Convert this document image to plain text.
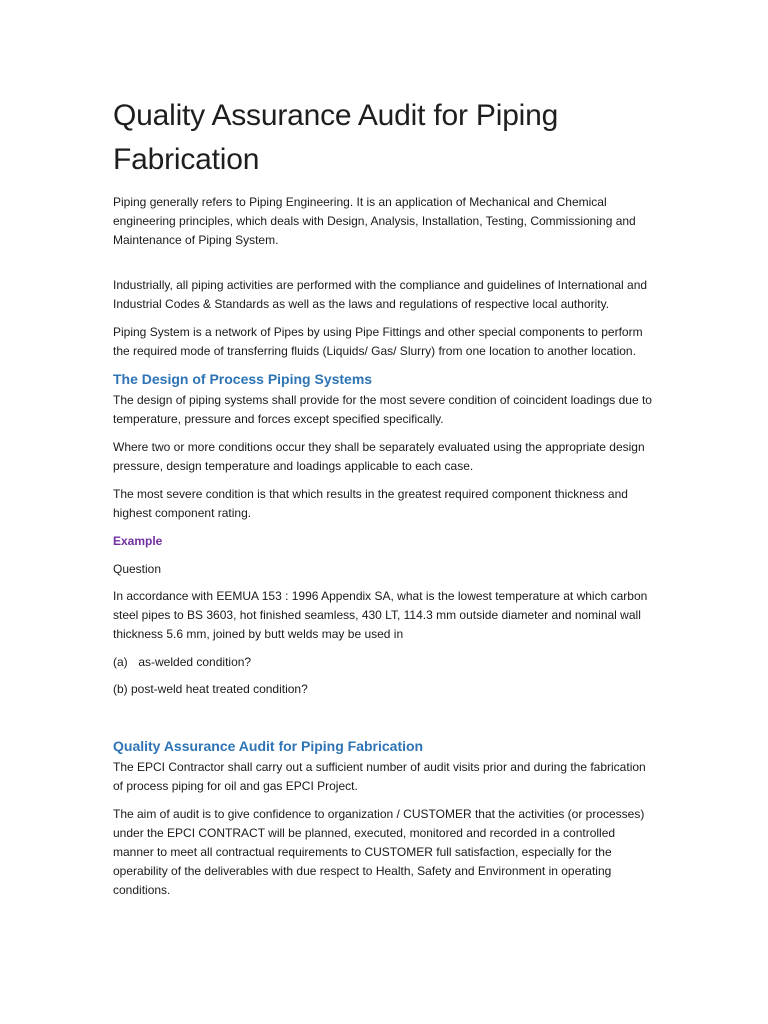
Quality Assurance Audit for Piping Fabrication

Piping generally refers to Piping Engineering. It is an application of Mechanical and Chemical engineering principles, which deals with Design, Analysis, Installation, Testing, Commissioning and Maintenance of Piping System.

Industrially, all piping activities are performed with the compliance and guidelines of International and Industrial Codes & Standards as well as the laws and regulations of respective local authority.

Piping System is a network of Pipes by using Pipe Fittings and other special components to perform the required mode of transferring fluids (Liquids/ Gas/ Slurry) from one location to another location.

The Design of Process Piping Systems

The design of piping systems shall provide for the most severe condition of coincident loadings due to temperature, pressure and forces except specified specifically.

Where two or more conditions occur they shall be separately evaluated using the appropriate design pressure, design temperature and loadings applicable to each case.

The most severe condition is that which results in the greatest required component thickness and highest component rating.

Example
Question

In accordance with EEMUA 153 : 1996 Appendix SA, what is the lowest temperature at which carbon steel pipes to BS 3603, hot finished seamless, 430 LT, 114.3 mm outside diameter and nominal wall thickness 5.6 mm, joined by butt welds may be used in

(a) as-welded condition?
(b) post-weld heat treated condition?
Quality Assurance Audit for Piping Fabrication

The EPCI Contractor shall carry out a sufficient number of audit visits prior and during the fabrication of process piping for oil and gas EPCI Project.

The aim of audit is to give confidence to organization / CUSTOMER that the activities (or processes) under the EPCI CONTRACT will be planned, executed, monitored and recorded in a controlled manner to meet all contractual requirements to CUSTOMER full satisfaction, especially for the operability of the deliverables with due respect to Health, Safety and Environment in operating conditions.
